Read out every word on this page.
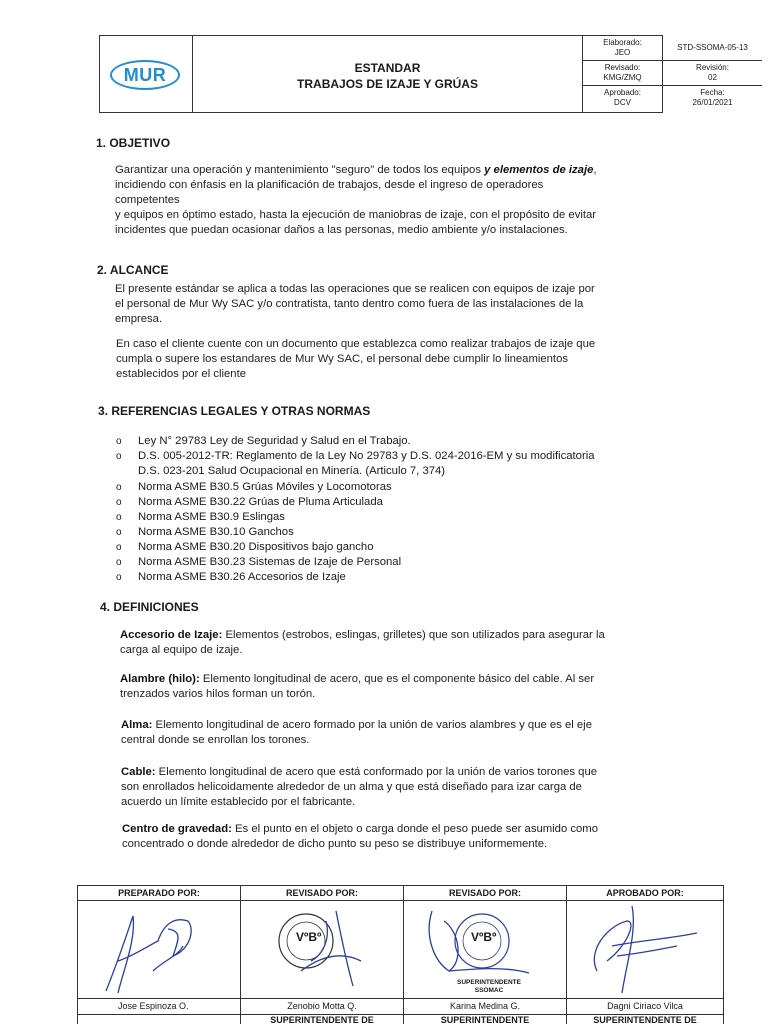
MUR	ESTANDAR
TRABAJOS DE IZAJE Y GRÚAS
Elaborado:
JEO
Revisado:
KMG/ZMQ
Aprobado:
DCV
STD-SSOMA-05-13
Revisión:
02
Fecha:
26/01/2021
1. OBJETIVO
Garantizar una operación y mantenimiento "seguro" de todos los equipos y elementos de izaje,
incidiendo con énfasis en la planificación de trabajos, desde el ingreso de operadores
competentes
y equipos en óptimo estado, hasta la ejecución de maniobras de izaje, con el propósito de evitar
incidentes que puedan ocasionar daños a las personas, medio ambiente y/o instalaciones.
2. ALCANCE
El presente estándar se aplica a todas las operaciones que se realicen con equipos de izaje por
el personal de Mur Wy SAC y/o contratista, tanto dentro como fuera de las instalaciones de la
empresa.
En caso el cliente cuente con un documento que establezca como realizar trabajos de izaje que
cumpla o supere los estandares de Mur Wy SAC, el personal debe cumplir lo lineamientos
establecidos por el cliente
3. REFERENCIAS LEGALES Y OTRAS NORMAS
o Ley N° 29783 Ley de Seguridad y Salud en el Trabajo.
o D.S. 005-2012-TR: Reglamento de la Ley No 29783 y D.S. 024-2016-EM y su modificatoria
D.S. 023-201 Salud Ocupacional en Minería. (Articulo 7, 374)
o Norma ASME B30.5 Grúas Móviles y Locomotoras
o Norma ASME B30.22 Grúas de Pluma Articulada
o Norma ASME B30.9 Eslingas
o Norma ASME B30.10 Ganchos
o Norma ASME B30.20 Dispositivos bajo gancho
o Norma ASME B30.23 Sistemas de Izaje de Personal
o Norma ASME B30.26 Accesorios de Izaje
4. DEFINICIONES
Accesorio de Izaje: Elementos (estrobos, eslingas, grilletes) que son utilizados para asegurar la
carga al equipo de izaje.
Alambre (hilo): Elemento longitudinal de acero, que es el componente básico del cable. Al ser
trenzados varios hilos forman un torón.
Alma: Elemento longitudinal de acero formado por la unión de varios alambres y que es el eje
central donde se enrollan los torones.
Cable: Elemento longitudinal de acero que está conformado por la unión de varios torones que
son enrollados helicoidamente alrededor de un alma y que está diseñado para izar carga de
acuerdo un límite establecido por el fabricante.
Centro de gravedad: Es el punto en el objeto o carga donde el peso puede ser asumido como
concentrado o donde alrededor de dicho punto su peso se distribuye uniformemente.
PREPARADO POR:
Jose Espinoza O.
REVISADO POR:
VºBº
Zenobio Motta Q.
SUPERINTENDENTE DE
REVISADO POR:
VºBº
SUPERINTENDENTE SSOMAC
Karina Medina G.
SUPERINTENDENTE
APROBADO POR:
Dagni Ciriaco Vilca
SUPERINTENDENTE DE
